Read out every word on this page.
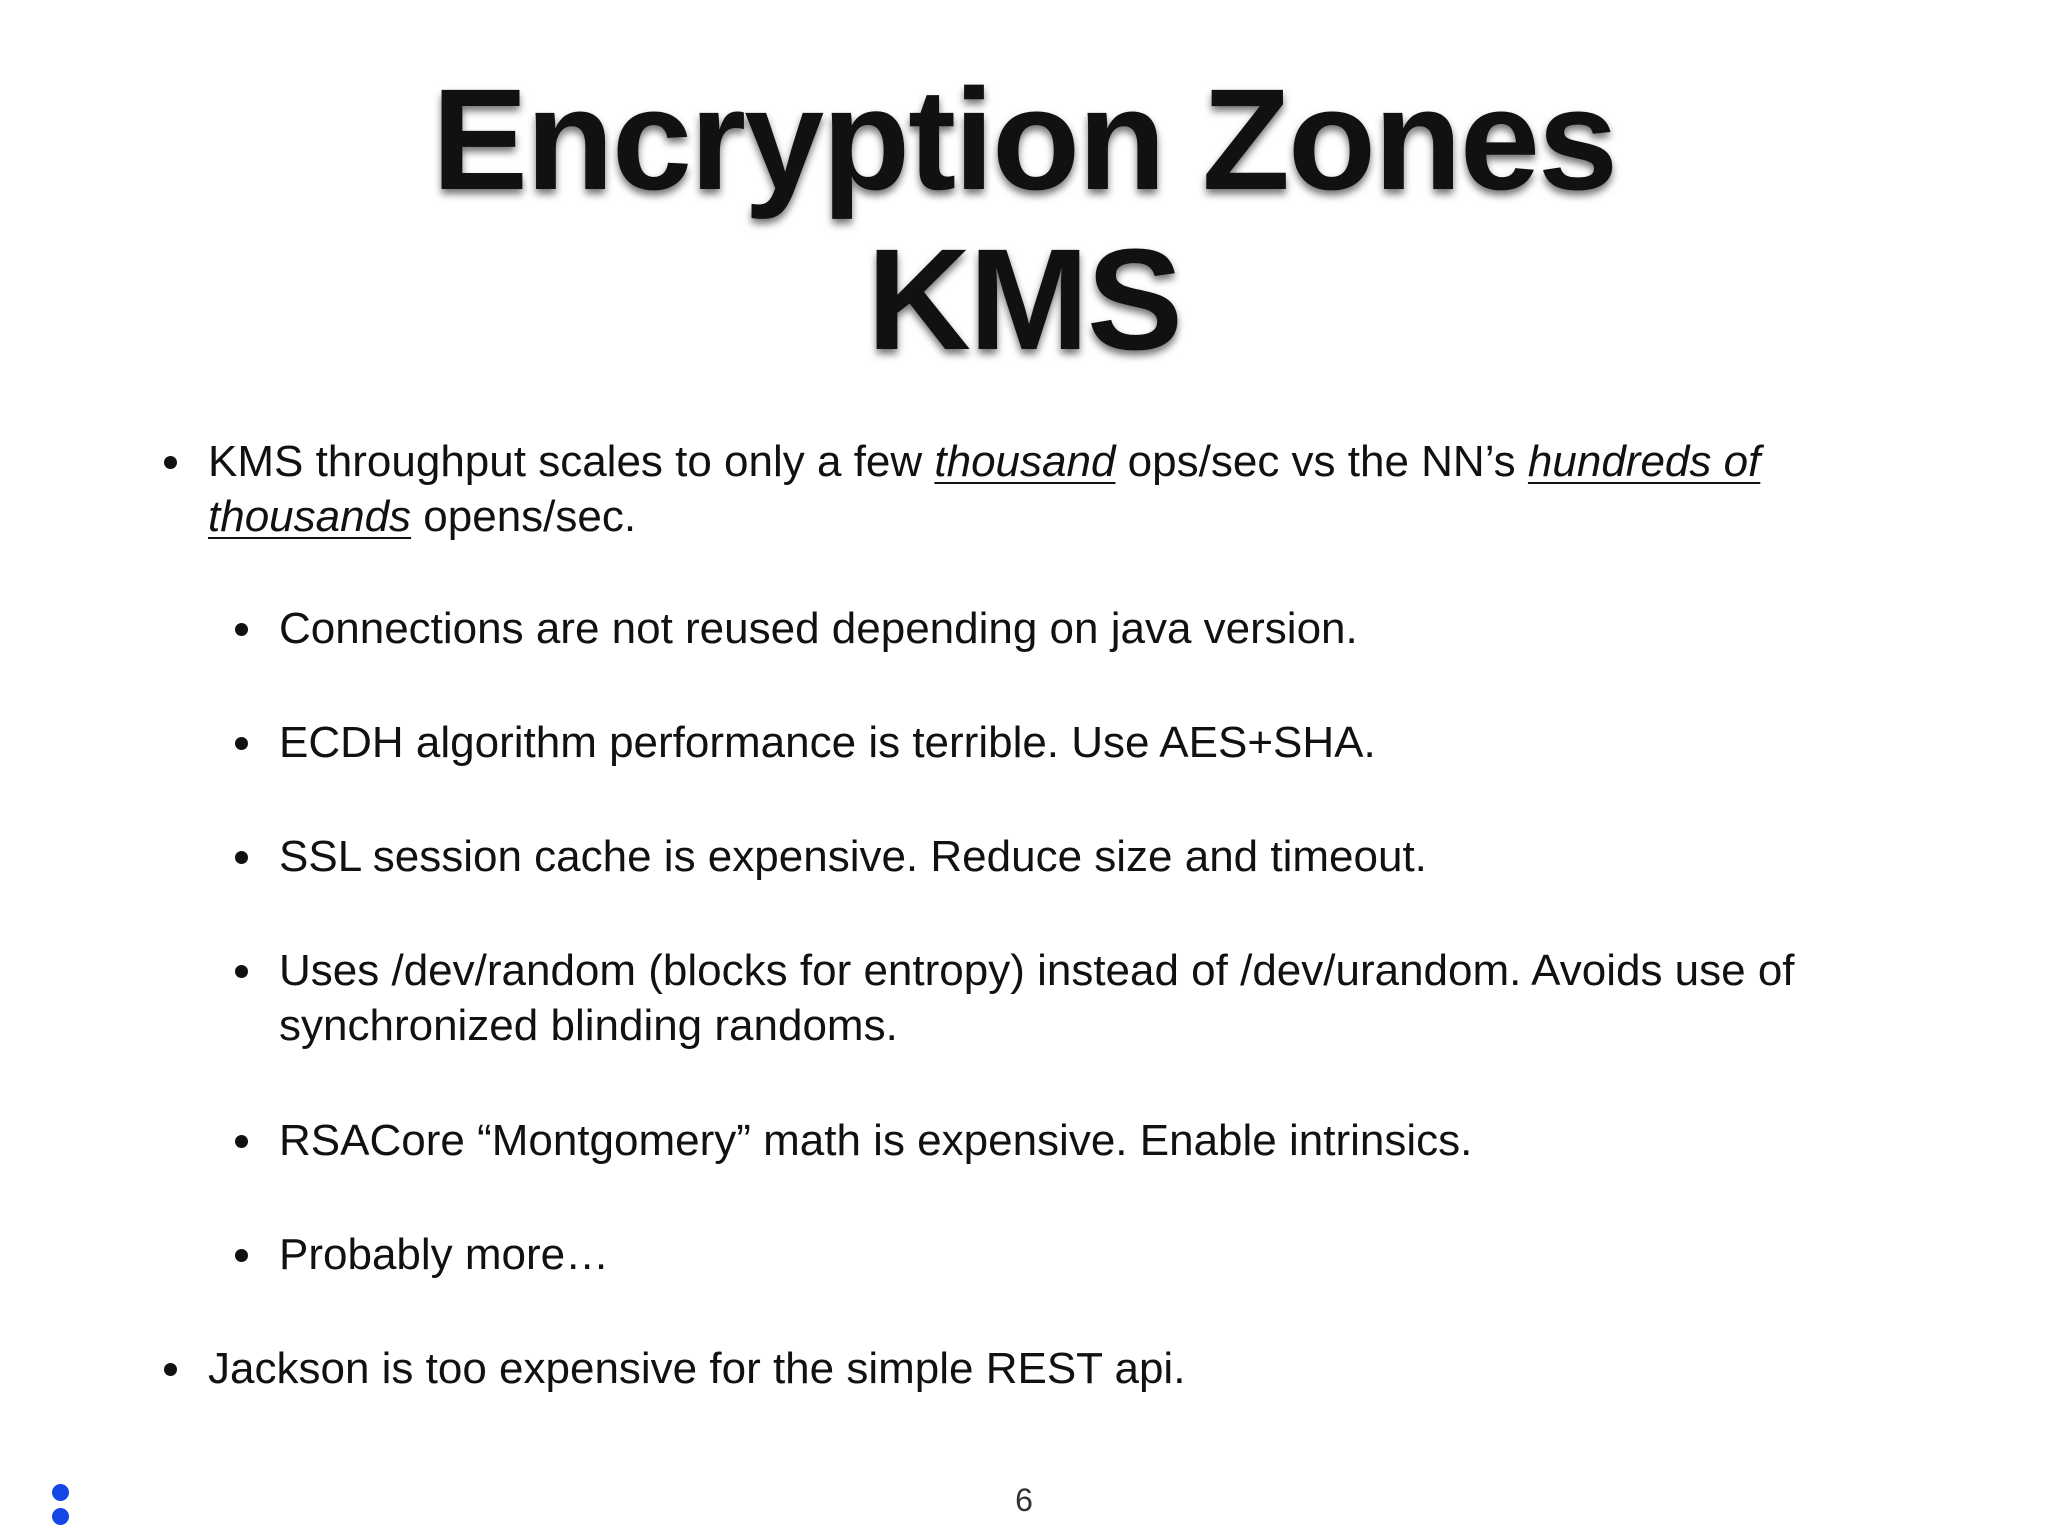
Encryption Zones
KMS
KMS throughput scales to only a few thousand ops/sec vs the NN’s hundreds of thousands opens/sec.
Connections are not reused depending on java version.
ECDH algorithm performance is terrible. Use AES+SHA.
SSL session cache is expensive. Reduce size and timeout.
Uses /dev/random (blocks for entropy) instead of /dev/urandom. Avoids use of synchronized blinding randoms.
RSACore “Montgomery” math is expensive. Enable intrinsics.
Probably more…
Jackson is too expensive for the simple REST api.
6
